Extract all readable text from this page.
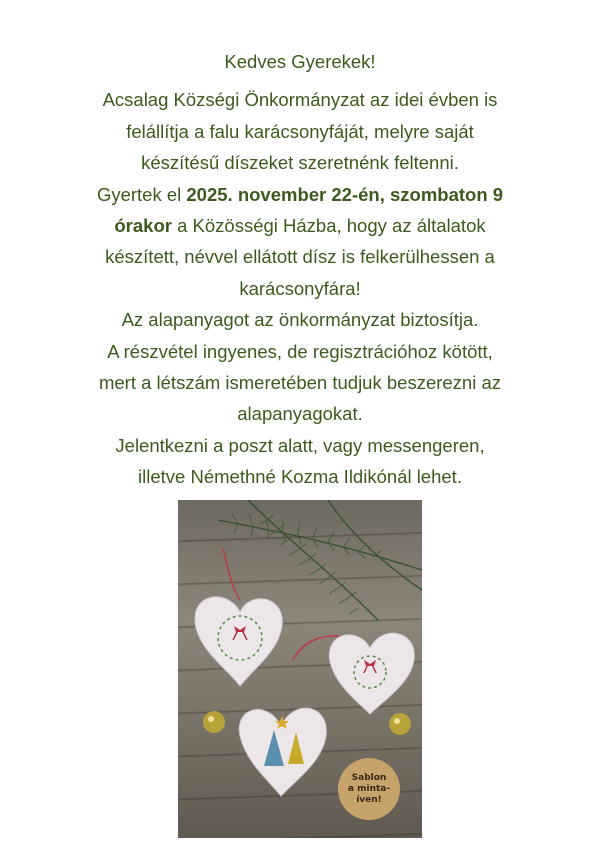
Kedves Gyerekek!

Acsalag Községi Önkormányzat az idei évben is

felállítja a falu karácsonyfáját, melyre saját

készítésű díszeket szeretnénk feltenni.

Gyertek el 2025. november 22-én, szombaton 9

órakor a Közösségi Házba, hogy az általatok

készített, névvel ellátott dísz is felkerülhessen a

karácsonyfára!

Az alapanyagot az önkormányzat biztosítja.

A részvétel ingyenes, de regisztrációhoz kötött,

mert a létszám ismeretében tudjuk beszerezni az

alapanyagokat.

Jelentkezni a poszt alatt, vagy messengeren,

illetve Némethné Kozma Ildikónál lehet.

Sablon
a minta-
íven!
